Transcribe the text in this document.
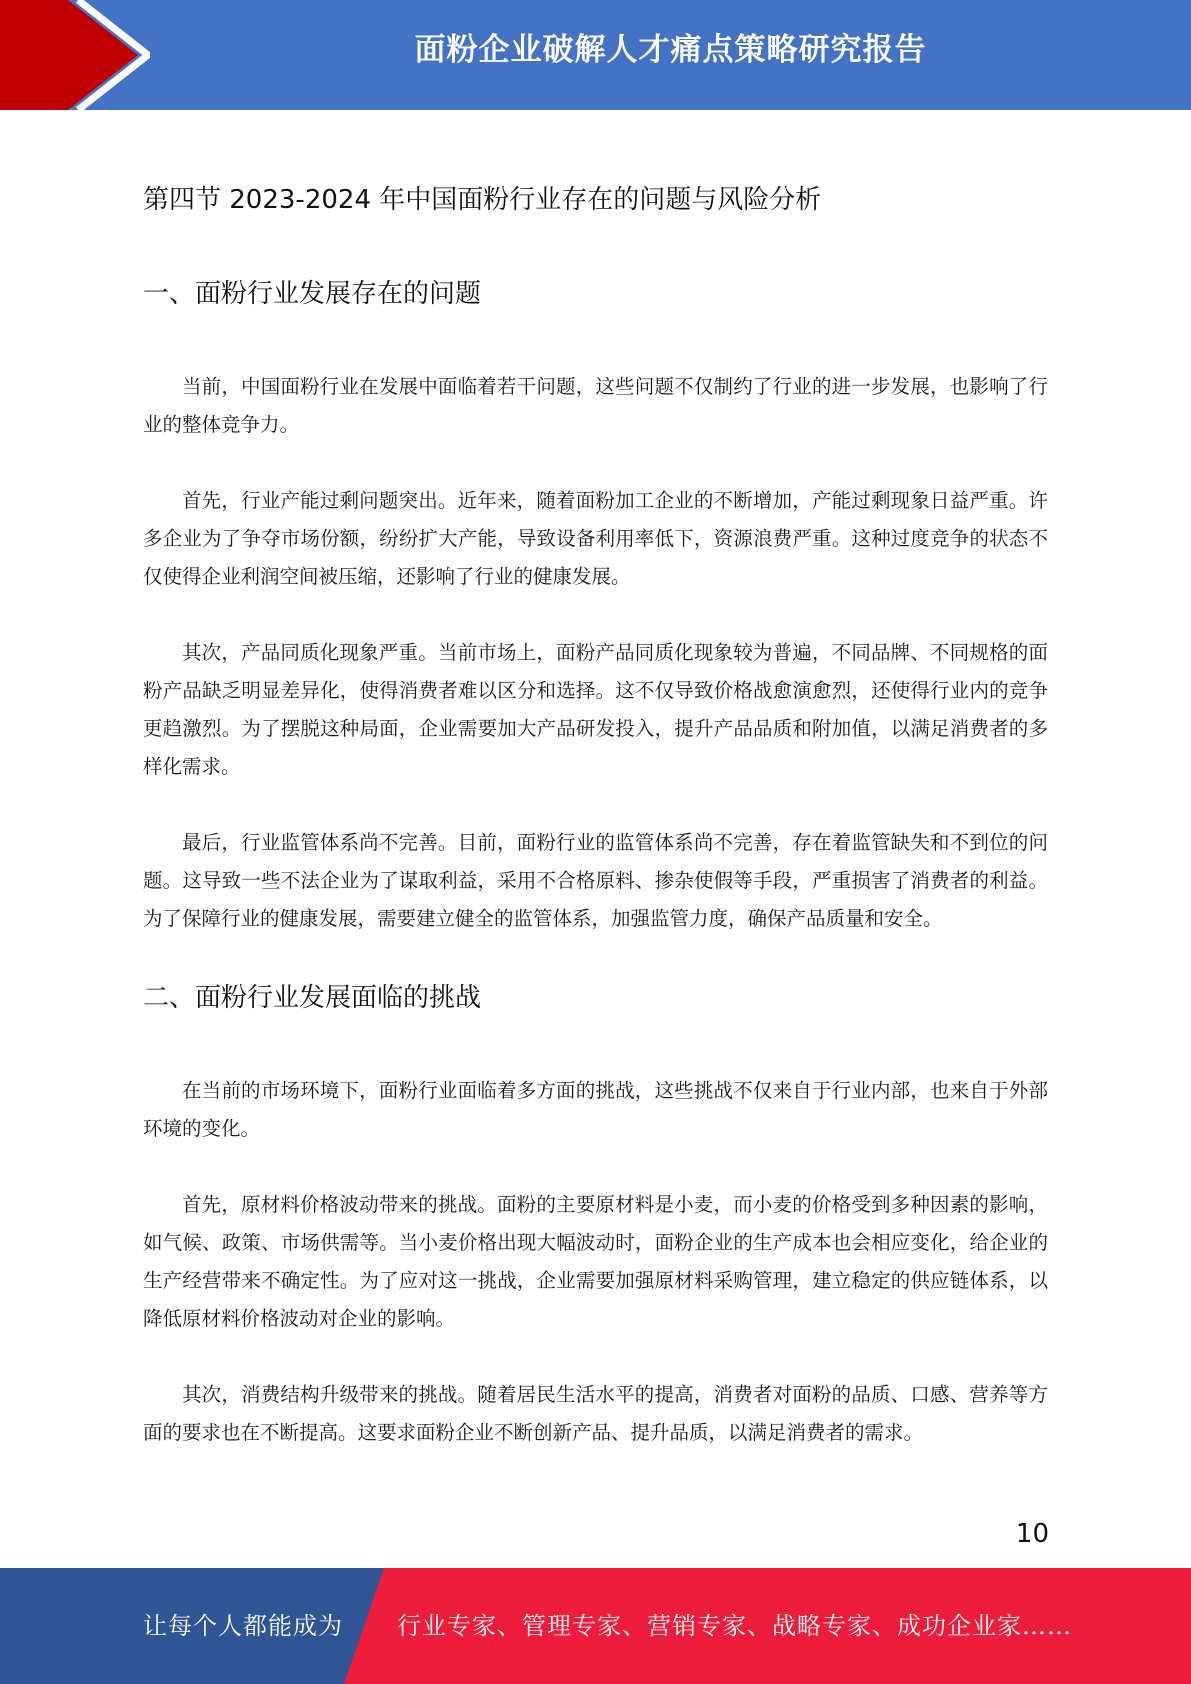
面粉企业破解人才痛点策略研究报告
第四节 2023-2024 年中国面粉行业存在的问题与风险分析
一、面粉行业发展存在的问题

当前，中国面粉行业在发展中面临着若干问题，这些问题不仅制约了行业的进一步发展，也影响了行业的整体竞争力。

首先，行业产能过剩问题突出。近年来，随着面粉加工企业的不断增加，产能过剩现象日益严重。许多企业为了争夺市场份额，纷纷扩大产能，导致设备利用率低下，资源浪费严重。这种过度竞争的状态不仅使得企业利润空间被压缩，还影响了行业的健康发展。

其次，产品同质化现象严重。当前市场上，面粉产品同质化现象较为普遍，不同品牌、不同规格的面粉产品缺乏明显差异化，使得消费者难以区分和选择。这不仅导致价格战愈演愈烈，还使得行业内的竞争更趋激烈。为了摆脱这种局面，企业需要加大产品研发投入，提升产品品质和附加值，以满足消费者的多样化需求。

最后，行业监管体系尚不完善。目前，面粉行业的监管体系尚不完善，存在着监管缺失和不到位的问题。这导致一些不法企业为了谋取利益，采用不合格原料、掺杂使假等手段，严重损害了消费者的利益。为了保障行业的健康发展，需要建立健全的监管体系，加强监管力度，确保产品质量和安全。

二、面粉行业发展面临的挑战

在当前的市场环境下，面粉行业面临着多方面的挑战，这些挑战不仅来自于行业内部，也来自于外部环境的变化。

首先，原材料价格波动带来的挑战。面粉的主要原材料是小麦，而小麦的价格受到多种因素的影响，如气候、政策、市场供需等。当小麦价格出现大幅波动时，面粉企业的生产成本也会相应变化，给企业的生产经营带来不确定性。为了应对这一挑战，企业需要加强原材料采购管理，建立稳定的供应链体系，以降低原材料价格波动对企业的影响。

其次，消费结构升级带来的挑战。随着居民生活水平的提高，消费者对面粉的品质、口感、营养等方面的要求也在不断提高。这要求面粉企业不断创新产品、提升品质，以满足消费者的需求。

10
让每个人都能成为 行业专家、管理专家、营销专家、战略专家、成功企业家……
